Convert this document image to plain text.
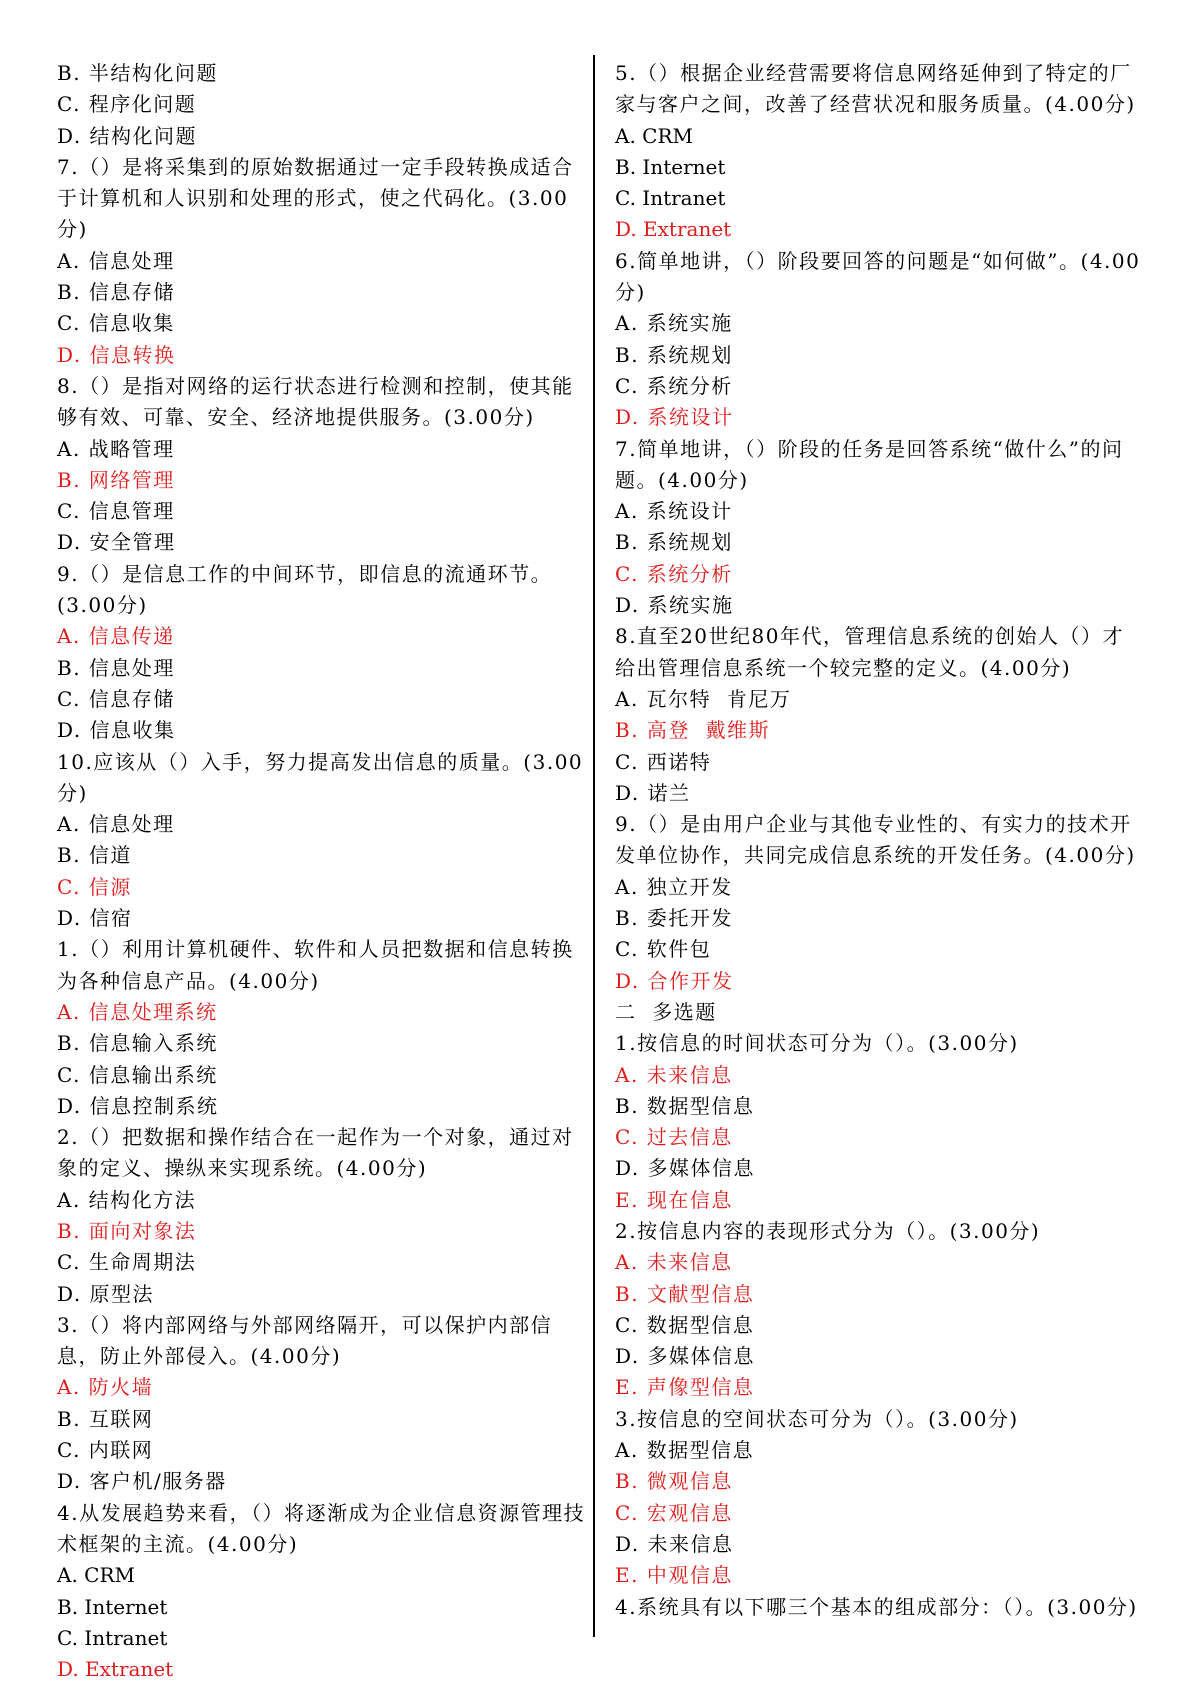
B. 半结构化问题

C. 程序化问题

D. 结构化问题

7.（）是将采集到的原始数据通过一定手段转换成适合于计算机和人识别和处理的形式，使之代码化。(3.00分)

A. 信息处理

B. 信息存储

C. 信息收集

D. 信息转换

8.（）是指对网络的运行状态进行检测和控制，使其能够有效、可靠、安全、经济地提供服务。(3.00分)

A. 战略管理

B. 网络管理

C. 信息管理

D. 安全管理

9.（）是信息工作的中间环节，即信息的流通环节。(3.00分)

A. 信息传递

B. 信息处理

C. 信息存储

D. 信息收集

10.应该从（）入手，努力提高发出信息的质量。(3.00分)

A. 信息处理

B. 信道

C. 信源

D. 信宿

1.（）利用计算机硬件、软件和人员把数据和信息转换为各种信息产品。(4.00分)

A. 信息处理系统

B. 信息输入系统

C. 信息输出系统

D. 信息控制系统

2.（）把数据和操作结合在一起作为一个对象，通过对象的定义、操纵来实现系统。(4.00分)

A. 结构化方法

B. 面向对象法

C. 生命周期法

D. 原型法

3.（）将内部网络与外部网络隔开，可以保护内部信息，防止外部侵入。(4.00分)

A. 防火墙

B. 互联网

C. 内联网

D. 客户机/服务器

4.从发展趋势来看，（）将逐渐成为企业信息资源管理技术框架的主流。(4.00分)

A. CRM

B. Internet

C. Intranet

D. Extranet

5.（）根据企业经营需要将信息网络延伸到了特定的厂家与客户之间，改善了经营状况和服务质量。(4.00分)

A. CRM

B. Internet

C. Intranet

D. Extranet

6.简单地讲，（）阶段要回答的问题是“如何做”。(4.00分)

A. 系统实施

B. 系统规划

C. 系统分析

D. 系统设计

7.简单地讲，（）阶段的任务是回答系统“做什么”的问题。(4.00分)

A. 系统设计

B. 系统规划

C. 系统分析

D. 系统实施

8.直至20世纪80年代，管理信息系统的创始人（）才给出管理信息系统一个较完整的定义。(4.00分)

A. 瓦尔特  肯尼万

B. 高登  戴维斯

C. 西诺特

D. 诺兰

9.（）是由用户企业与其他专业性的、有实力的技术开发单位协作，共同完成信息系统的开发任务。(4.00分)

A. 独立开发

B. 委托开发

C. 软件包

D. 合作开发

二  多选题

1.按信息的时间状态可分为（）。(3.00分)

A. 未来信息

B. 数据型信息

C. 过去信息

D. 多媒体信息

E. 现在信息

2.按信息内容的表现形式分为（）。(3.00分)

A. 未来信息

B. 文献型信息

C. 数据型信息

D. 多媒体信息

E. 声像型信息

3.按信息的空间状态可分为（）。(3.00分)

A. 数据型信息

B. 微观信息

C. 宏观信息

D. 未来信息

E. 中观信息

4.系统具有以下哪三个基本的组成部分：（）。(3.00分)
